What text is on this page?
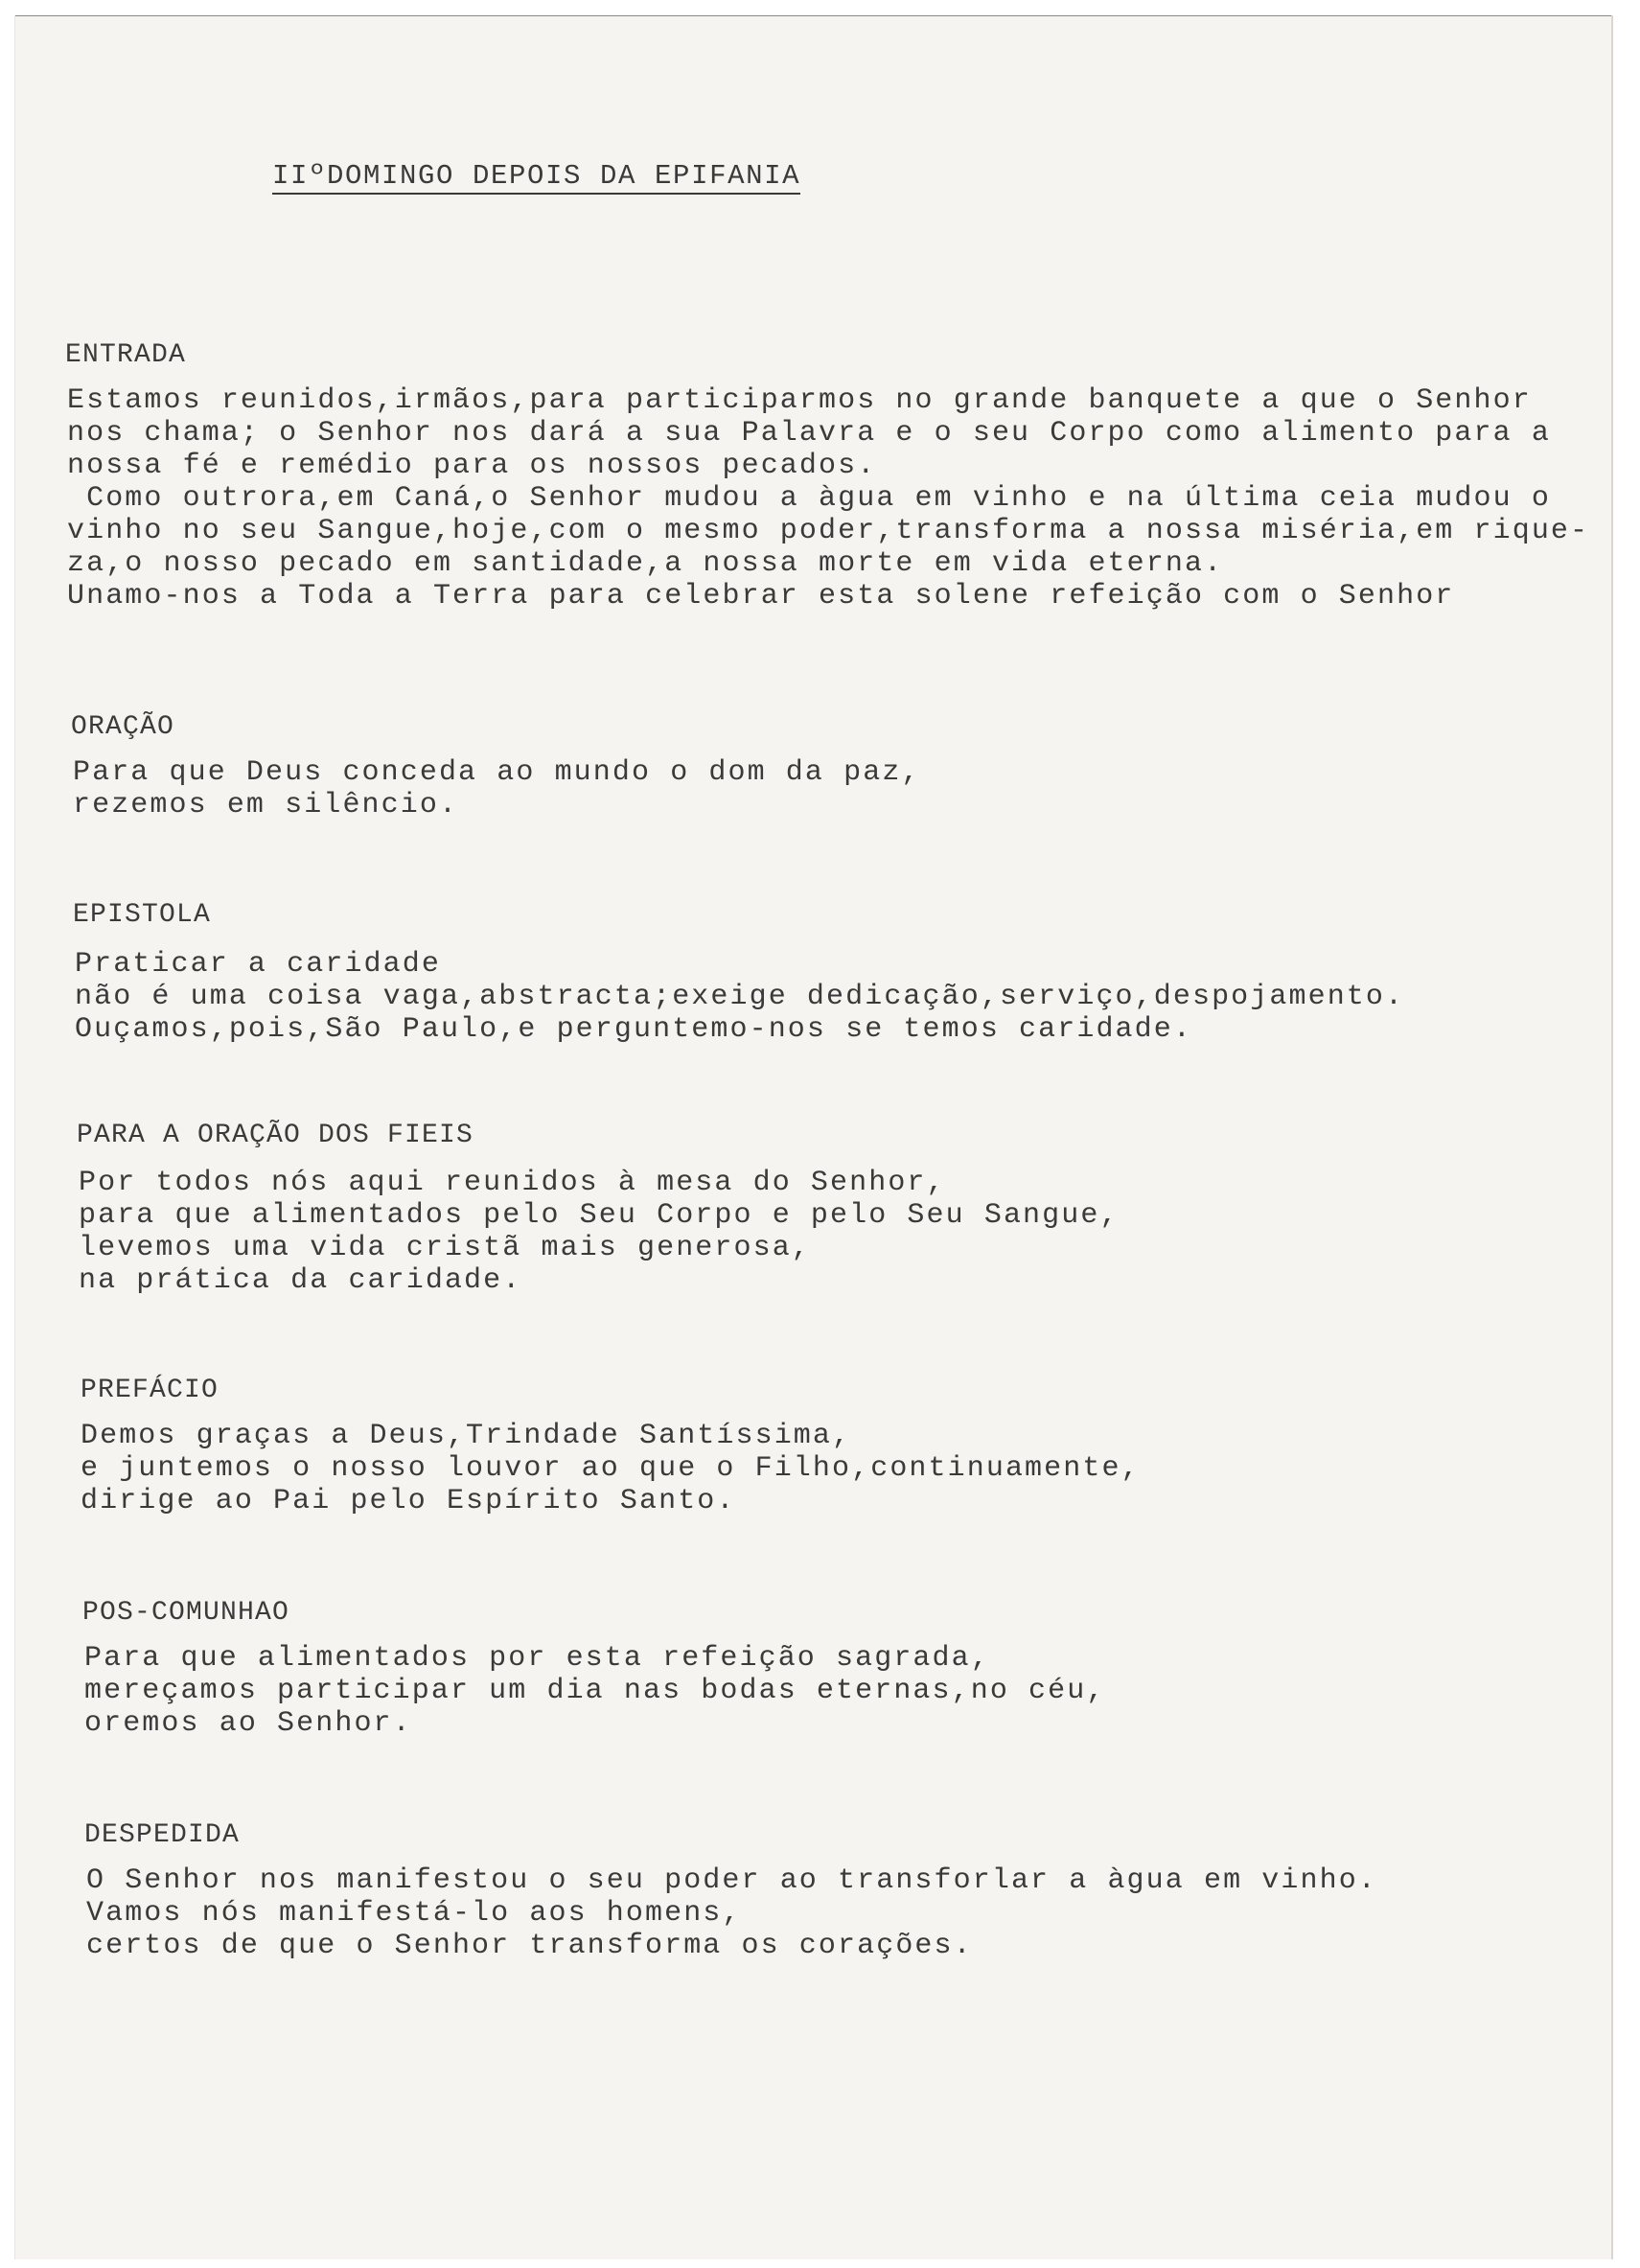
IIºDOMINGO DEPOIS DA EPIFANIA
ENTRADA
Estamos reunidos,irmãos,para participarmos no grande banquete a que o Senhor
nos chama; o Senhor nos dará a sua Palavra e o seu Corpo como alimento para a
nossa fé e remédio para os nossos pecados.
Como outrora,em Caná,o Senhor mudou a àgua em vinho e na última ceia mudou o
vinho no seu Sangue,hoje,com o mesmo poder,transforma a nossa miséria,em rique-
za,o nosso pecado em santidade,a nossa morte em vida eterna.
Unamo-nos a Toda a Terra para celebrar esta solene refeição com o Senhor
ORAÇÃO
Para que Deus conceda ao mundo o dom da paz,
rezemos em silêncio.
EPISTOLA
Praticar a caridade
não é uma coisa vaga,abstracta;exeige dedicação,serviço,despojamento.
Ouçamos,pois,São Paulo,e perguntemo-nos se temos caridade.
PARA A ORAÇÃO DOS FIEIS
Por todos nós aqui reunidos à mesa do Senhor,
para que alimentados pelo Seu Corpo e pelo Seu Sangue,
levemos uma vida cristã mais generosa,
na prática da caridade.
PREFÁCIO
Demos graças a Deus,Trindade Santíssima,
e juntemos o nosso louvor ao que o Filho,continuamente,
dirige ao Pai pelo Espírito Santo.
POS-COMUNHAO
Para que alimentados por esta refeição sagrada,
mereçamos participar um dia nas bodas eternas,no céu,
oremos ao Senhor.
DESPEDIDA
O Senhor nos manifestou o seu poder ao transforlar a àgua em vinho.
Vamos nós manifestá-lo aos homens,
certos de que o Senhor transforma os corações.
